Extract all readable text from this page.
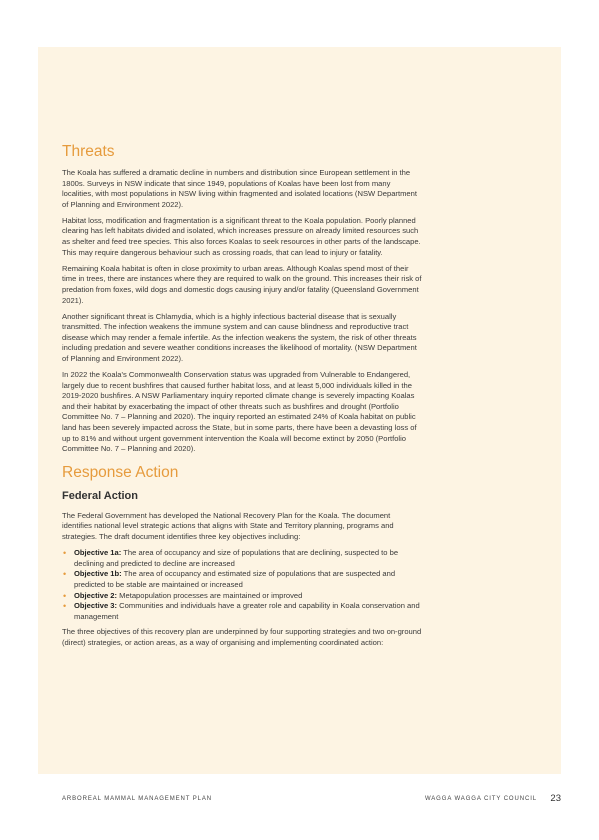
Threats

The Koala has suffered a dramatic decline in numbers and distribution since European settlement in the 1800s. Surveys in NSW indicate that since 1949, populations of Koalas have been lost from many localities, with most populations in NSW living within fragmented and isolated locations (NSW Department of Planning and Environment 2022).

Habitat loss, modification and fragmentation is a significant threat to the Koala population. Poorly planned clearing has left habitats divided and isolated, which increases pressure on already limited resources such as shelter and feed tree species. This also forces Koalas to seek resources in other parts of the landscape. This may require dangerous behaviour such as crossing roads, that can lead to injury or fatality.

Remaining Koala habitat is often in close proximity to urban areas. Although Koalas spend most of their time in trees, there are instances where they are required to walk on the ground. This increases their risk of predation from foxes, wild dogs and domestic dogs causing injury and/or fatality (Queensland Government 2021).

Another significant threat is Chlamydia, which is a highly infectious bacterial disease that is sexually transmitted. The infection weakens the immune system and can cause blindness and reproductive tract disease which may render a female infertile. As the infection weakens the system, the risk of other threats including predation and severe weather conditions increases the likelihood of mortality. (NSW Department of Planning and Environment 2022).

In 2022 the Koala's Commonwealth Conservation status was upgraded from Vulnerable to Endangered, largely due to recent bushfires that caused further habitat loss, and at least 5,000 individuals killed in the 2019-2020 bushfires. A NSW Parliamentary inquiry reported climate change is severely impacting Koalas and their habitat by exacerbating the impact of other threats such as bushfires and drought (Portfolio Committee No. 7 – Planning and 2020). The inquiry reported an estimated 24% of Koala habitat on public land has been severely impacted across the State, but in some parts, there have been a devasting loss of up to 81% and without urgent government intervention the Koala will become extinct by 2050 (Portfolio Committee No. 7 – Planning and 2020).

Response Action
Federal Action

The Federal Government has developed the National Recovery Plan for the Koala. The document identifies national level strategic actions that aligns with State and Territory planning, programs and strategies. The draft document identifies three key objectives including:

• Objective 1a: The area of occupancy and size of populations that are declining, suspected to be declining and predicted to decline are increased
• Objective 1b: The area of occupancy and estimated size of populations that are suspected and predicted to be stable are maintained or increased
• Objective 2: Metapopulation processes are maintained or improved
• Objective 3: Communities and individuals have a greater role and capability in Koala conservation and management

The three objectives of this recovery plan are underpinned by four supporting strategies and two on-ground (direct) strategies, or action areas, as a way of organising and implementing coordinated action:

ARBOREAL MAMMAL MANAGEMENT PLAN	WAGGA WAGGA CITY COUNCIL 23
